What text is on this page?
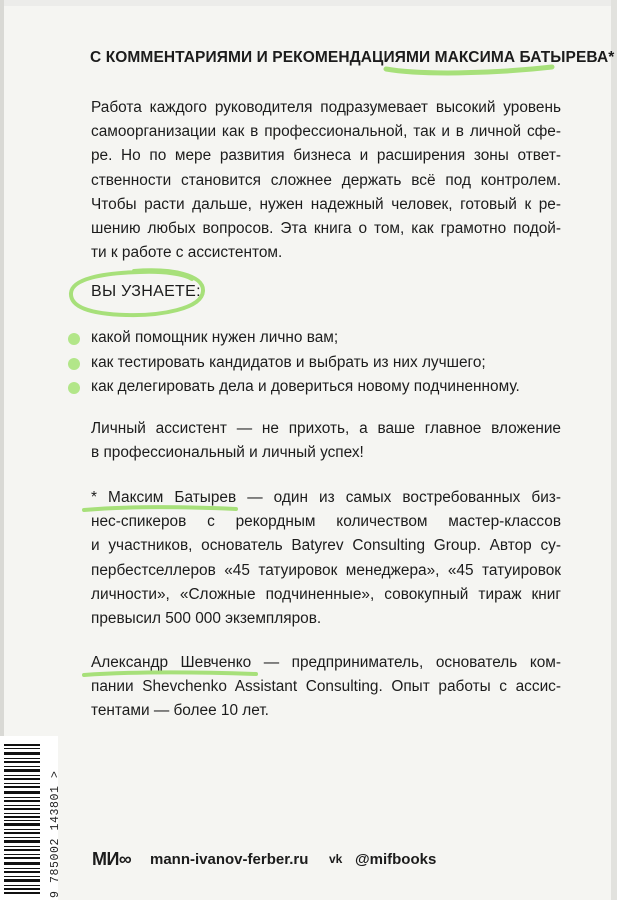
С КОММЕНТАРИЯМИ И РЕКОМЕНДАЦИЯМИ МАКСИМА БАТЫРЕВА*
Работа каждого руководителя подразумевает высокий уровень
самоорганизации как в профессиональной, так и в личной сфе-
ре. Но по мере развития бизнеса и расширения зоны ответ-
ственности становится сложнее держать всё под контролем.
Чтобы расти дальше, нужен надежный человек, готовый к ре-
шению любых вопросов. Эта книга о том, как грамотно подой-
ти к работе с ассистентом.
ВЫ УЗНАЕТЕ:
какой помощник нужен лично вам;
как тестировать кандидатов и выбрать из них лучшего;
как делегировать дела и довериться новому подчиненному.
Личный ассистент — не прихоть, а ваше главное вложение
в профессиональный и личный успех!
* Максим Батырев — один из самых востребованных биз-
нес-спикеров с рекордным количеством мастер-классов
и участников, основатель Batyrev Consulting Group. Автор су-
пербестселлеров «45 татуировок менеджера», «45 татуировок
личности», «Сложные подчиненные», совокупный тираж книг
превысил 500 000 экземпляров.
Александр Шевченко — предприниматель, основатель ком-
пании Shevchenko Assistant Consulting. Опыт работы с ассис-
тентами — более 10 лет.
9 785002 143801 > МИ∞ mann-ivanov-ferber.ru vk @mifbooks
